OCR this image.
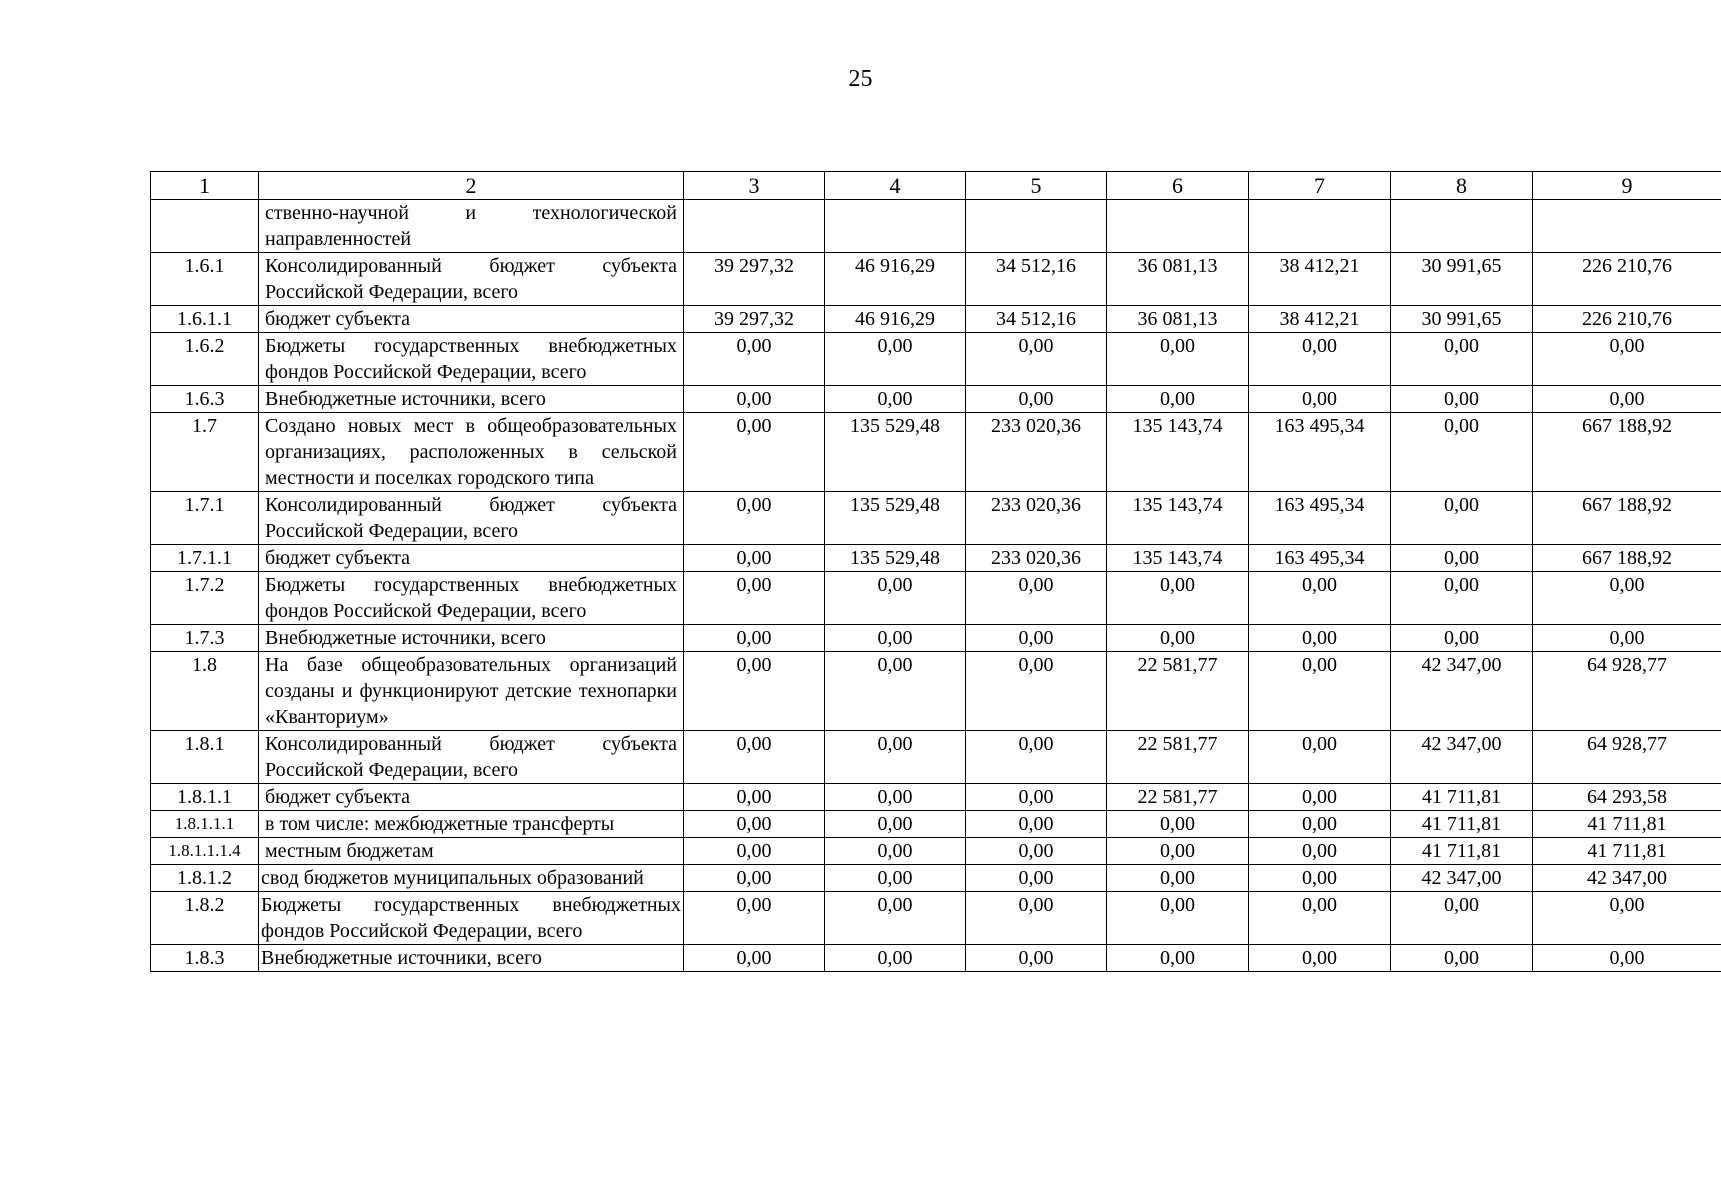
25
1	2	3	4	5	6	7	8	9
	ственно-научной и технологической направленностей							
1.6.1	Консолидированный бюджет субъекта Российской Федерации, всего	39 297,32	46 916,29	34 512,16	36 081,13	38 412,21	30 991,65	226 210,76
1.6.1.1	бюджет субъекта	39 297,32	46 916,29	34 512,16	36 081,13	38 412,21	30 991,65	226 210,76
1.6.2	Бюджеты государственных внебюджетных фондов Российской Федерации, всего	0,00	0,00	0,00	0,00	0,00	0,00	0,00
1.6.3	Внебюджетные источники, всего	0,00	0,00	0,00	0,00	0,00	0,00	0,00
1.7	Создано новых мест в общеобразовательных организациях, расположенных в сельской местности и поселках городского типа	0,00	135 529,48	233 020,36	135 143,74	163 495,34	0,00	667 188,92
1.7.1	Консолидированный бюджет субъекта Российской Федерации, всего	0,00	135 529,48	233 020,36	135 143,74	163 495,34	0,00	667 188,92
1.7.1.1	бюджет субъекта	0,00	135 529,48	233 020,36	135 143,74	163 495,34	0,00	667 188,92
1.7.2	Бюджеты государственных внебюджетных фондов Российской Федерации, всего	0,00	0,00	0,00	0,00	0,00	0,00	0,00
1.7.3	Внебюджетные источники, всего	0,00	0,00	0,00	0,00	0,00	0,00	0,00
1.8	На базе общеобразовательных организаций созданы и функционируют детские технопарки «Кванториум»	0,00	0,00	0,00	22 581,77	0,00	42 347,00	64 928,77
1.8.1	Консолидированный бюджет субъекта Российской Федерации, всего	0,00	0,00	0,00	22 581,77	0,00	42 347,00	64 928,77
1.8.1.1	бюджет субъекта	0,00	0,00	0,00	22 581,77	0,00	41 711,81	64 293,58
1.8.1.1.1	в том числе: межбюджетные трансферты	0,00	0,00	0,00	0,00	0,00	41 711,81	41 711,81
1.8.1.1.1.4	местным бюджетам	0,00	0,00	0,00	0,00	0,00	41 711,81	41 711,81
1.8.1.2	свод бюджетов муниципальных образований	0,00	0,00	0,00	0,00	0,00	42 347,00	42 347,00
1.8.2	Бюджеты государственных внебюджетных фондов Российской Федерации, всего	0,00	0,00	0,00	0,00	0,00	0,00	0,00
1.8.3	Внебюджетные источники, всего	0,00	0,00	0,00	0,00	0,00	0,00	0,00
